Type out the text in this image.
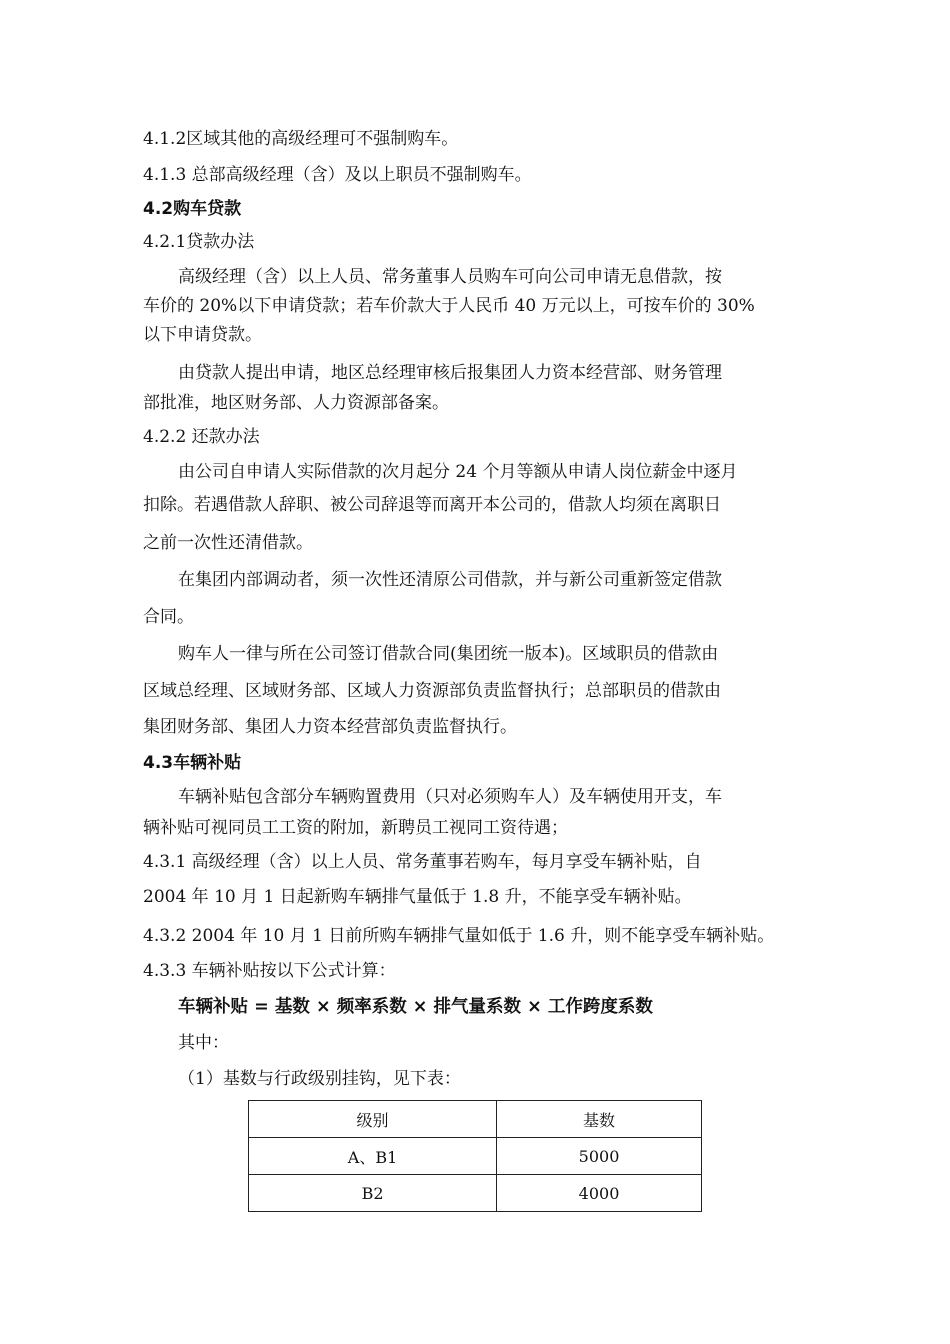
4.1.2区域其他的高级经理可不强制购车。
4.1.3 总部高级经理（含）及以上职员不强制购车。
4.2购车贷款
4.2.1贷款办法
高级经理（含）以上人员、常务董事人员购车可向公司申请无息借款，按
车价的 20%以下申请贷款；若车价款大于人民币 40 万元以上，可按车价的 30%
以下申请贷款。
由贷款人提出申请，地区总经理审核后报集团人力资本经营部、财务管理
部批准，地区财务部、人力资源部备案。
4.2.2 还款办法
由公司自申请人实际借款的次月起分 24 个月等额从申请人岗位薪金中逐月
扣除。若遇借款人辞职、被公司辞退等而离开本公司的，借款人均须在离职日
之前一次性还清借款。
在集团内部调动者，须一次性还清原公司借款，并与新公司重新签定借款
合同。
购车人一律与所在公司签订借款合同(集团统一版本)。区域职员的借款由
区域总经理、区域财务部、区域人力资源部负责监督执行；总部职员的借款由
集团财务部、集团人力资本经营部负责监督执行。
4.3车辆补贴
车辆补贴包含部分车辆购置费用（只对必须购车人）及车辆使用开支，车
辆补贴可视同员工工资的附加，新聘员工视同工资待遇；
4.3.1 高级经理（含）以上人员、常务董事若购车，每月享受车辆补贴，自
2004 年 10 月 1 日起新购车辆排气量低于 1.8 升，不能享受车辆补贴。
4.3.2 2004 年 10 月 1 日前所购车辆排气量如低于 1.6 升，则不能享受车辆补贴。
4.3.3 车辆补贴按以下公式计算：
车辆补贴 = 基数 × 频率系数 × 排气量系数 × 工作跨度系数
其中：
（1）基数与行政级别挂钩，见下表：
级别	基数
A、B1	5000
B2	4000
